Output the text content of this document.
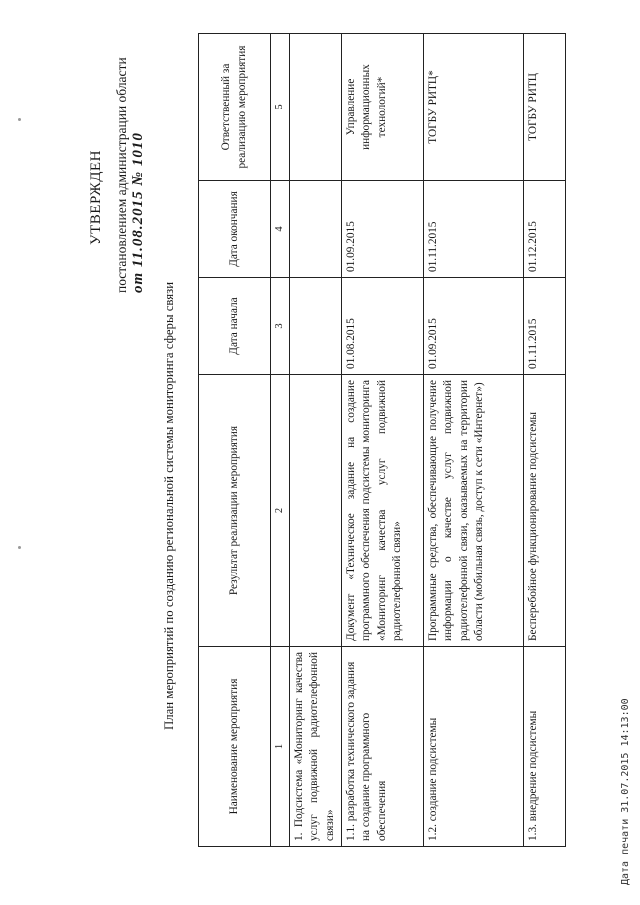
УТВЕРЖДЕН постановлением администрации области от 11.08.2015 № 1010
План мероприятий по созданию региональной системы мониторинга сферы связи
Наименование мероприятия	Результат реализации мероприятия	Дата начала	Дата окончания	Ответственный за реализацию мероприятия
1	2	3	4	5
1. Подсистема «Мониторинг качества услуг подвижной радиотелефонной связи»				
1.1. разработка технического задания на создание программного обеспечения	Документ «Техническое задание на создание программного обеспечения подсистемы мониторинга «Мониторинг качества услуг подвижной радиотелефонной связи»	01.08.2015	01.09.2015	Управление информационных технологий*
1.2. создание подсистемы	Программные средства, обеспечивающие получение информации о качестве услуг подвижной радиотелефонной связи, оказываемых на территории области (мобильная связь, доступ к сети «Интернет»)	01.09.2015	01.11.2015	ТОГБУ РИТЦ*
1.3. внедрение подсистемы	Бесперебойное функционирование подсистемы	01.11.2015	01.12.2015	ТОГБУ РИТЦ
Дата печати 31.07.2015 14:13:00
